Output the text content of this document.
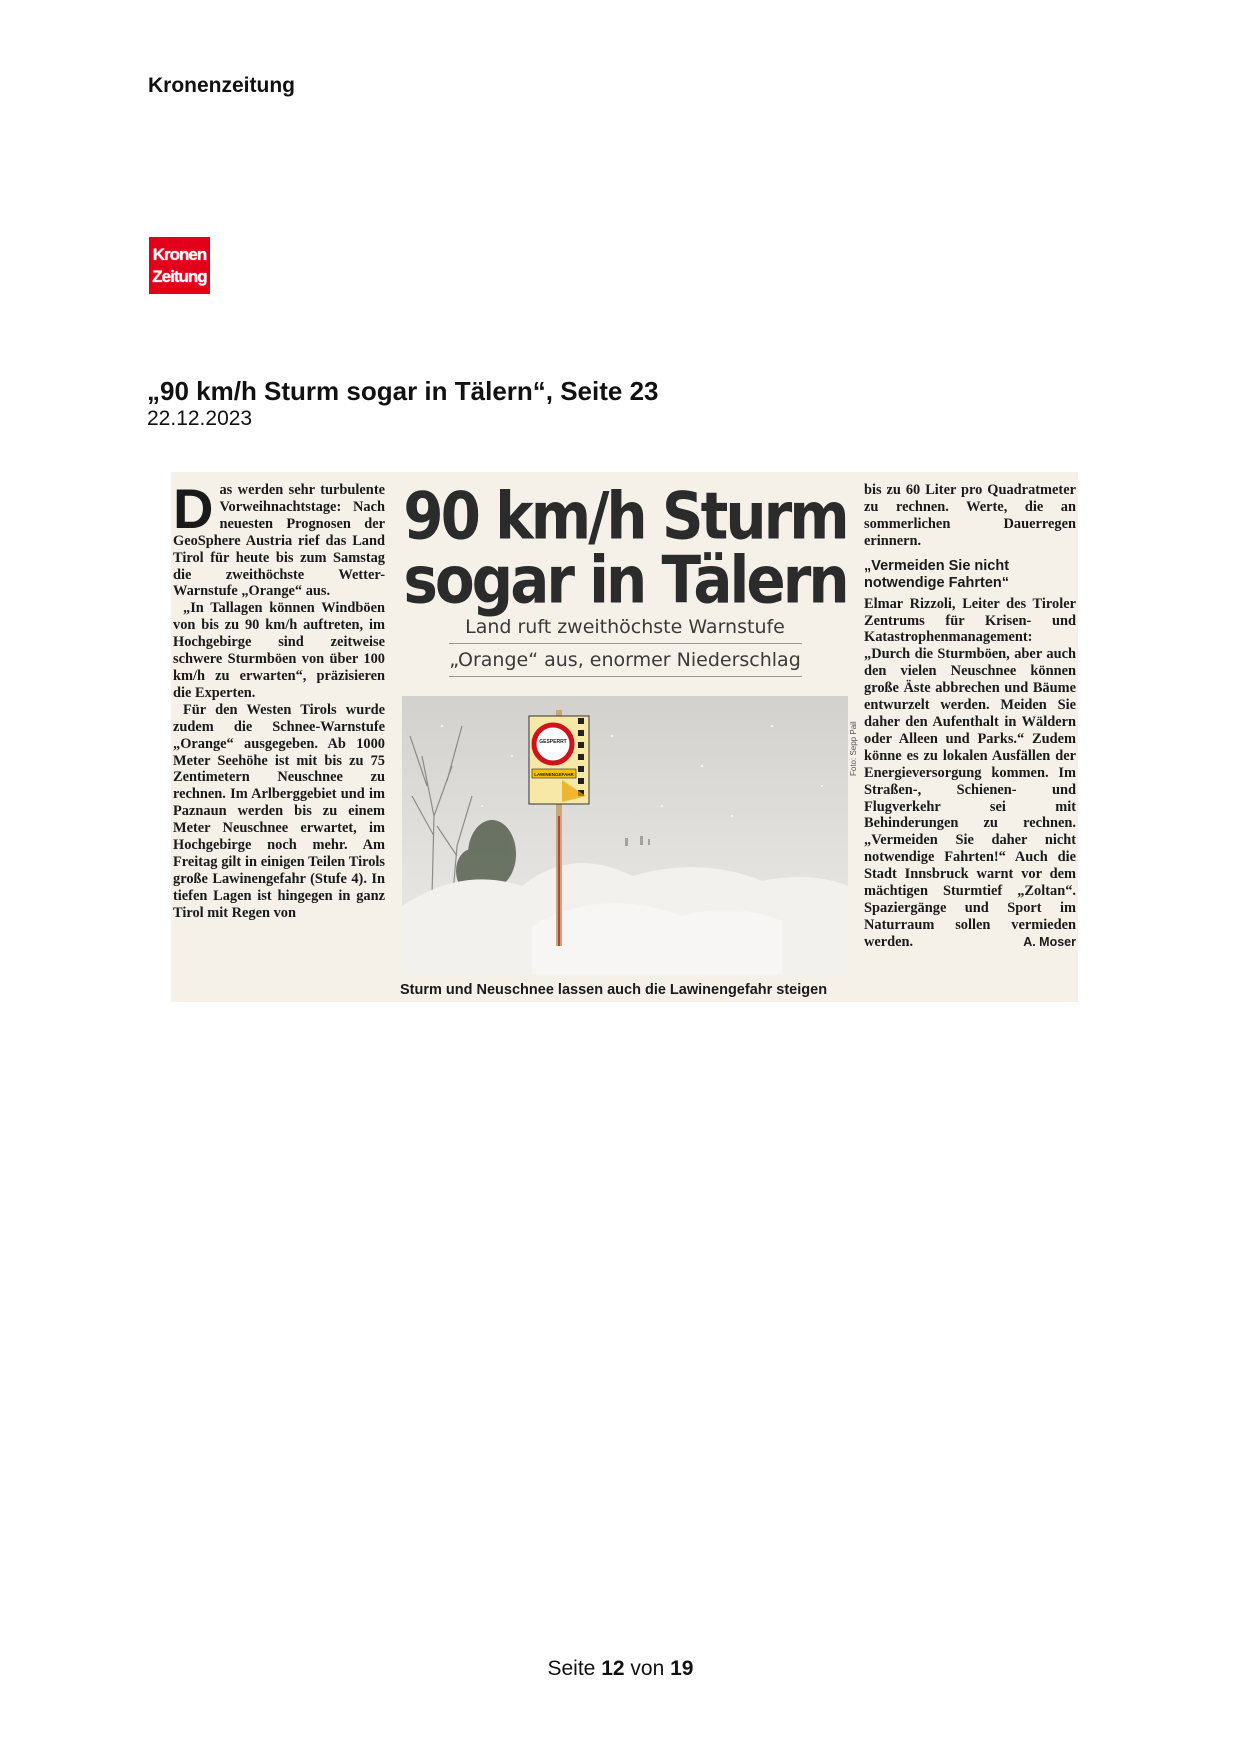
Kronenzeitung
Kronen
Zeitung
„90 km/h Sturm sogar in Tälern“, Seite 23
22.12.2023
D as werden sehr turbulente Vorweihnachtstage: Nach neuesten Prognosen der GeoSphere Austria rief das Land Tirol für heute bis zum Samstag die zweithöchste Wetter-Warnstufe „Orange“ aus.

„In Tallagen können Windböen von bis zu 90 km/h auftreten, im Hochgebirge sind zeitweise schwere Sturmböen von über 100 km/h zu erwarten“, präzisieren die Experten.

Für den Westen Tirols wurde zudem die Schnee-Warnstufe „Orange“ ausgegeben. Ab 1000 Meter Seehöhe ist mit bis zu 75 Zentimetern Neuschnee zu rechnen. Im Arlberggebiet und im Paznaun werden bis zu einem Meter Neuschnee erwartet, im Hochgebirge noch mehr. Am Freitag gilt in einigen Teilen Tirols große Lawinengefahr (Stufe 4). In tiefen Lagen ist hingegen in ganz Tirol mit Regen von

90 km/h Sturm
sogar in Tälern
Land ruft zweithöchste Warnstufe
„Orange“ aus, enormer Niederschlag
GESPERRT
LAWINENGEFAHR	Foto: Sepp Pail
Sturm und Neuschnee lassen auch die Lawinengefahr steigen

bis zu 60 Liter pro Quadratmeter zu rechnen. Werte, die an sommerlichen Dauerregen erinnern.

„Vermeiden Sie nicht notwendige Fahrten“

Elmar Rizzoli, Leiter des Tiroler Zentrums für Krisen- und Katastrophenmanagement: „Durch die Sturmböen, aber auch den vielen Neuschnee können große Äste abbrechen und Bäume entwurzelt werden. Meiden Sie daher den Aufenthalt in Wäldern oder Alleen und Parks.“ Zudem könne es zu lokalen Ausfällen der Energieversorgung kommen. Im Straßen-, Schienen- und Flugverkehr sei mit Behinderungen zu rechnen. „Vermeiden Sie daher nicht notwendige Fahrten!“ Auch die Stadt Innsbruck warnt vor dem mächtigen Sturmtief „Zoltan“. Spaziergänge und Sport im Naturraum sollen vermieden werden.	A. Moser

Seite 12 von 19
